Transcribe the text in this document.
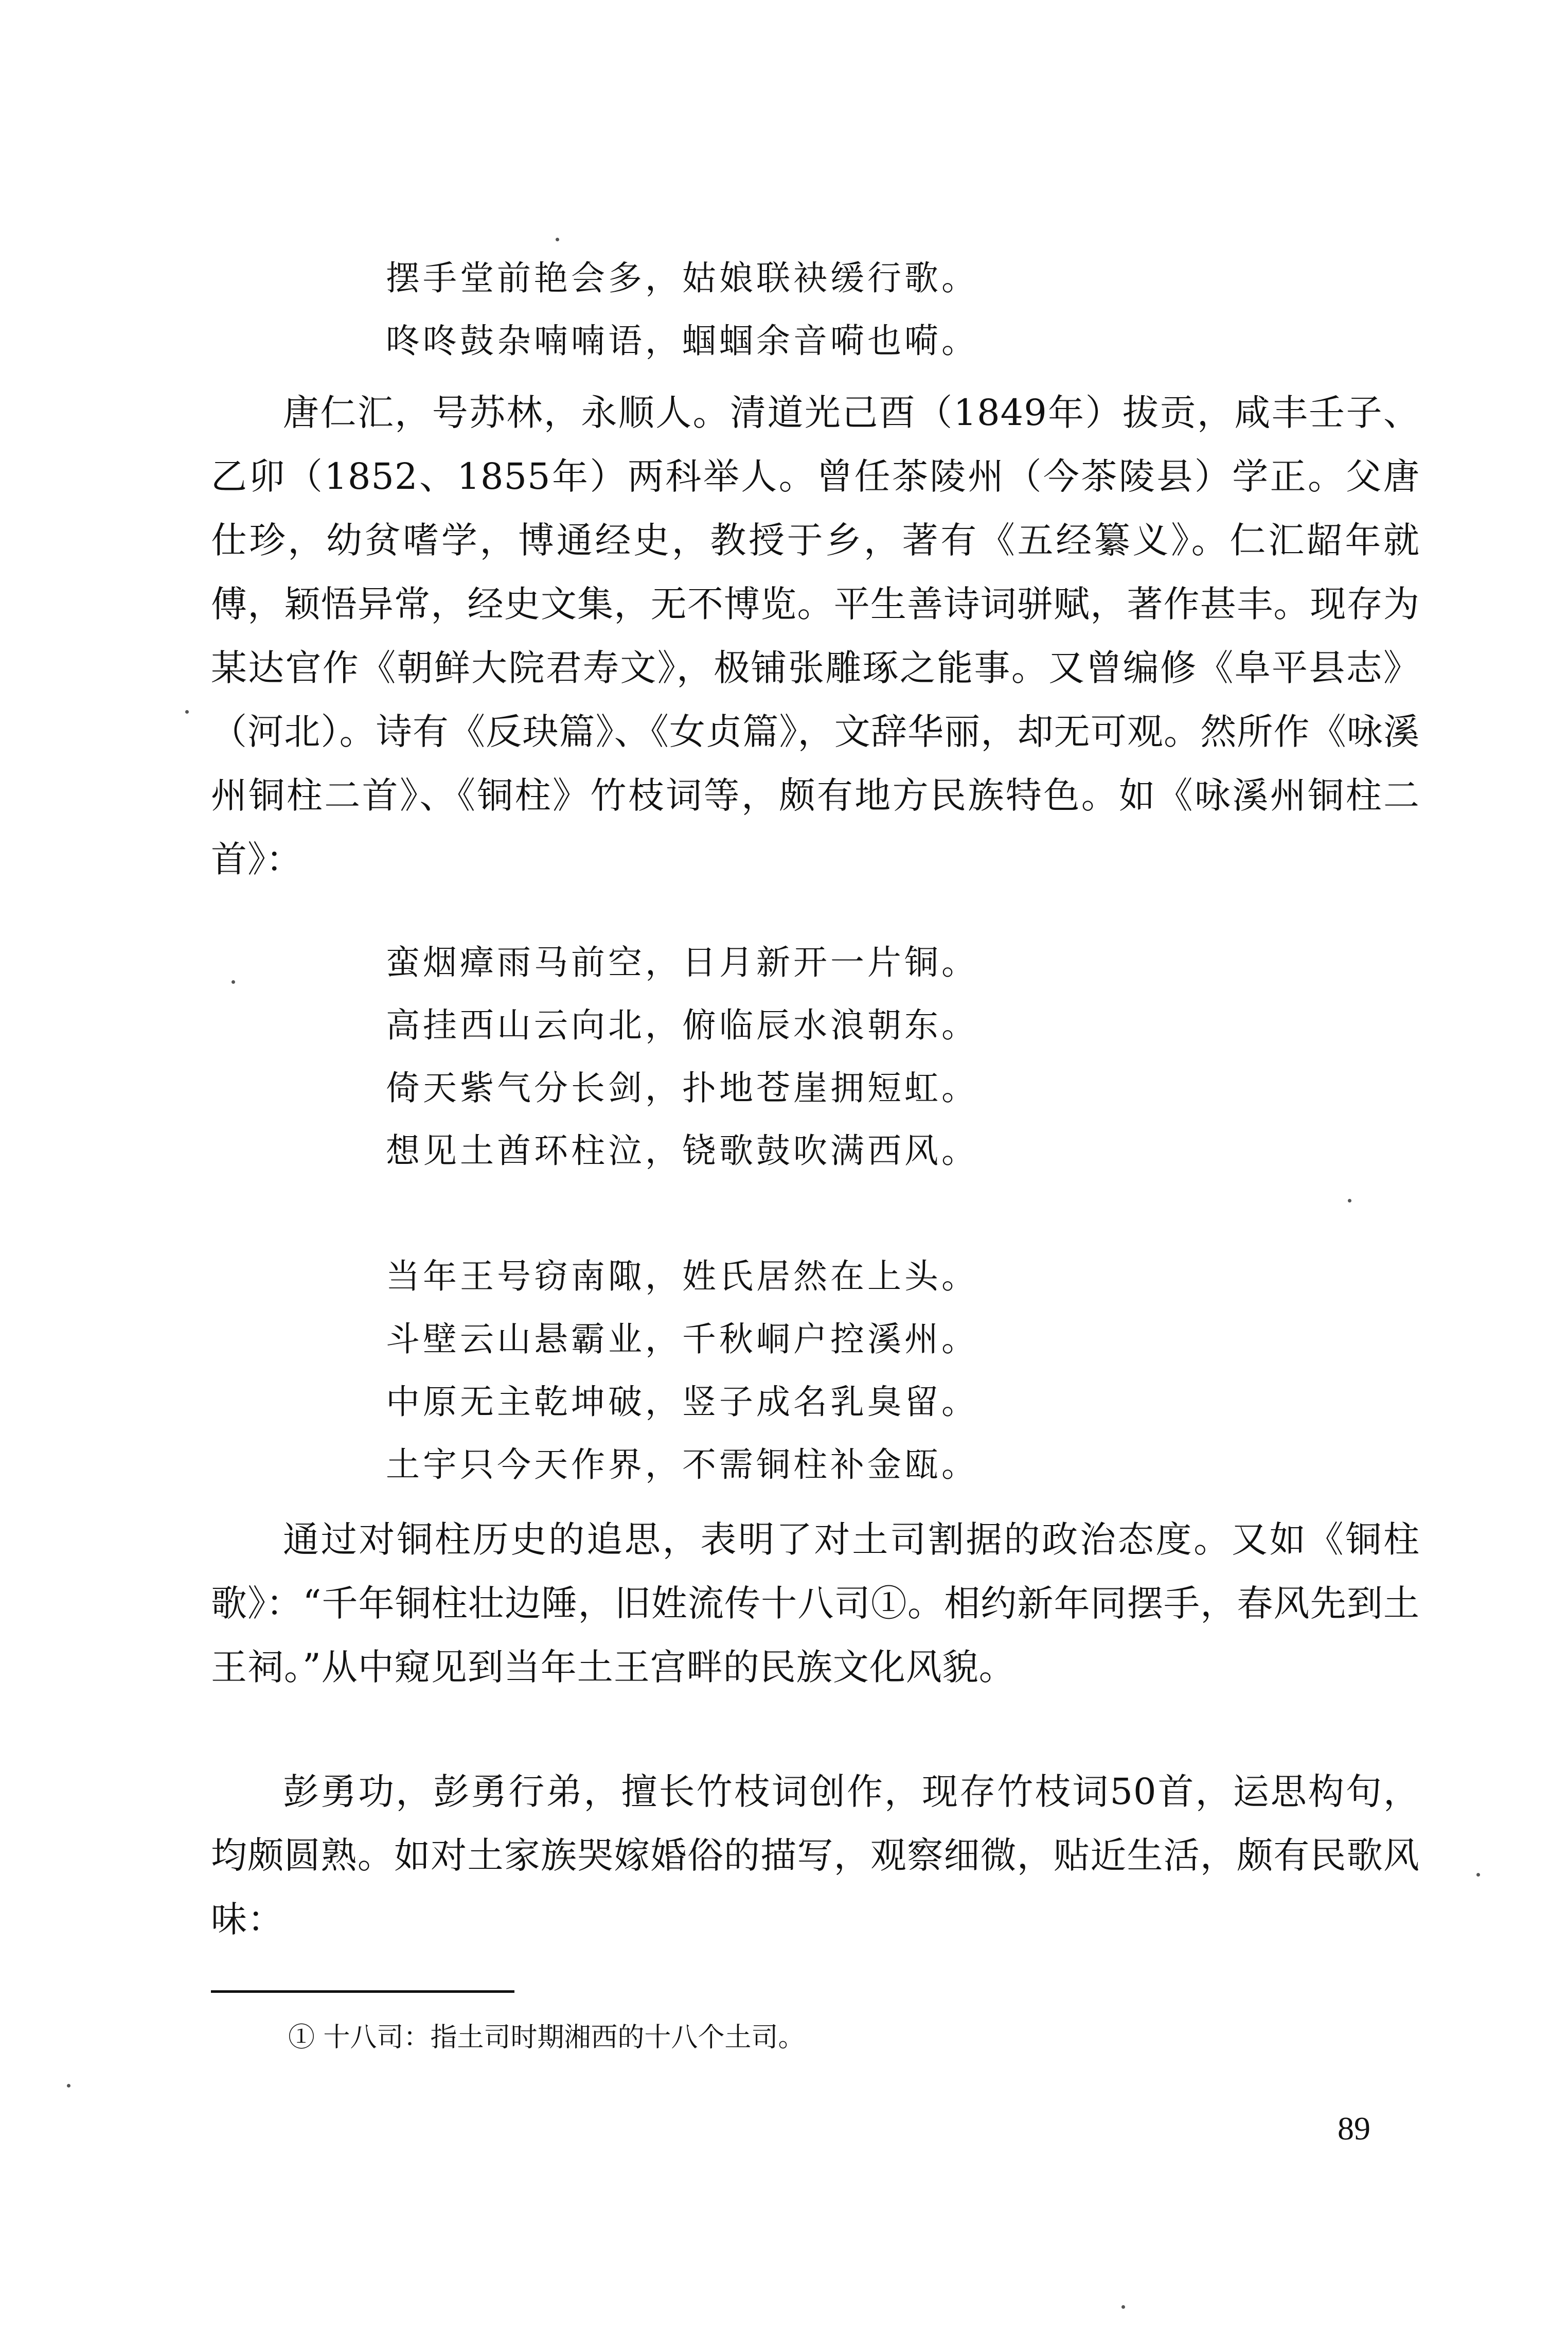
摆手堂前艳会多，姑娘联袂缓行歌。
咚咚鼓杂喃喃语，蝈蝈余音嗬也嗬。

唐仁汇，号苏林，永顺人。清道光己酉（1849年）拔贡，咸丰壬子、乙卯（1852、1855年）两科举人。曾任茶陵州（今茶陵县）学正。父唐仕珍，幼贫嗜学，博通经史，教授于乡，著有《五经纂义》。仁汇龆年就傅，颖悟异常，经史文集，无不博览。平生善诗词骈赋，著作甚丰。现存为某达官作《朝鲜大院君寿文》，极铺张雕琢之能事。又曾编修《阜平县志》（河北）。诗有《反玦篇》、《女贞篇》，文辞华丽，却无可观。然所作《咏溪州铜柱二首》、《铜柱》竹枝词等，颇有地方民族特色。如《咏溪州铜柱二首》：

蛮烟瘴雨马前空，日月新开一片铜。
高挂西山云向北，俯临辰水浪朝东。
倚天紫气分长剑，扑地苍崖拥短虹。
想见土酋环柱泣，铙歌鼓吹满西风。
当年王号窃南陬，姓氏居然在上头。
斗壁云山悬霸业，千秋峒户控溪州。
中原无主乾坤破，竖子成名乳臭留。
土宇只今天作界，不需铜柱补金瓯。

通过对铜柱历史的追思，表明了对土司割据的政治态度。又如《铜柱歌》：“千年铜柱壮边陲，旧姓流传十八司①。相约新年同摆手，春风先到土王祠。”从中窥见到当年土王宫畔的民族文化风貌。

彭勇功，彭勇行弟，擅长竹枝词创作，现存竹枝词50首，运思构句，均颇圆熟。如对土家族哭嫁婚俗的描写，观察细微，贴近生活，颇有民歌风味：

① 十八司：指土司时期湘西的十八个土司。

89
